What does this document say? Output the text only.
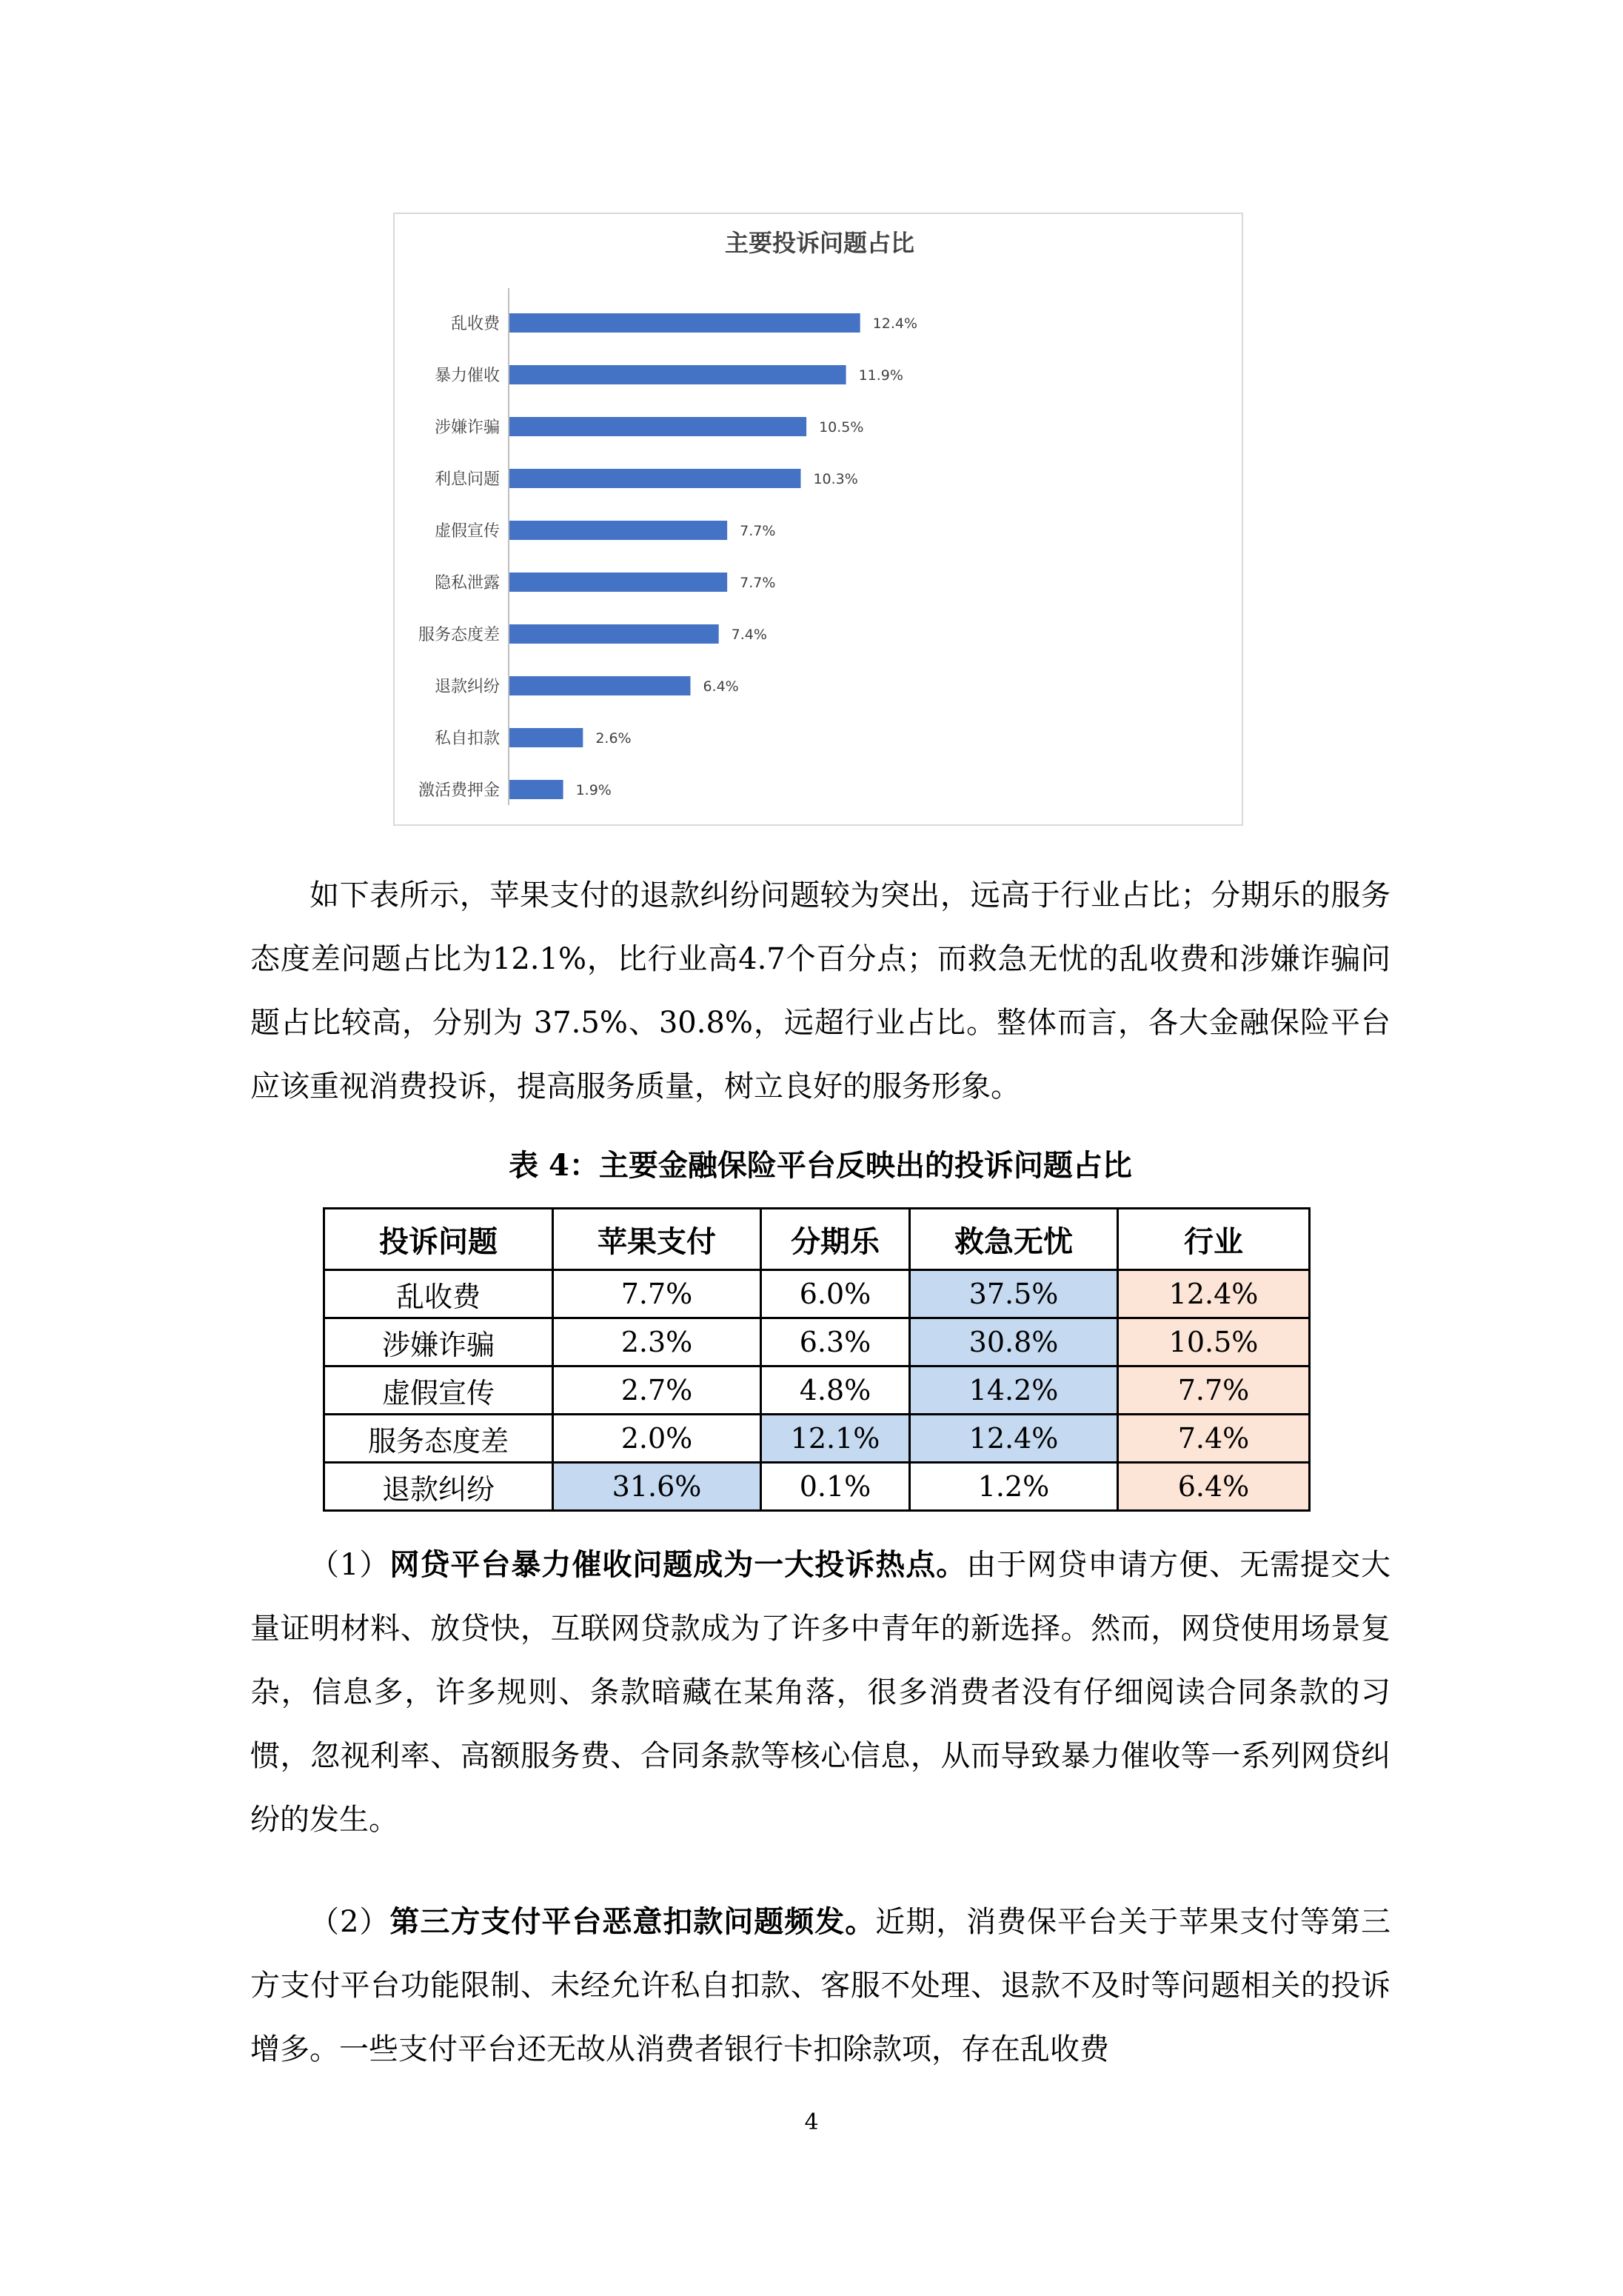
主要投诉问题占比
乱收费	12.4%
暴力催收	11.9%
涉嫌诈骗	10.5%
利息问题	10.3%
虚假宣传	7.7%
隐私泄露	7.7%
服务态度差	7.4%
退款纠纷	6.4%
私自扣款	2.6%
激活费押金	1.9%

如下表所示，苹果支付的退款纠纷问题较为突出，远高于行业占比；分期乐的服务态度差问题占比为12.1%，比行业高4.7个百分点；而救急无忧的乱收费和涉嫌诈骗问题占比较高，分别为 37.5%、30.8%，远超行业占比。整体而言，各大金融保险平台应该重视消费投诉，提高服务质量，树立良好的服务形象。

表 4：主要金融保险平台反映出的投诉问题占比

投诉问题	苹果支付	分期乐	救急无忧	行业
乱收费	7.7%	6.0%	37.5%	12.4%
涉嫌诈骗	2.3%	6.3%	30.8%	10.5%
虚假宣传	2.7%	4.8%	14.2%	7.7%
服务态度差	2.0%	12.1%	12.4%	7.4%
退款纠纷	31.6%	0.1%	1.2%	6.4%

（1）网贷平台暴力催收问题成为一大投诉热点。由于网贷申请方便、无需提交大量证明材料、放贷快，互联网贷款成为了许多中青年的新选择。然而，网贷使用场景复杂，信息多，许多规则、条款暗藏在某角落，很多消费者没有仔细阅读合同条款的习惯，忽视利率、高额服务费、合同条款等核心信息，从而导致暴力催收等一系列网贷纠纷的发生。

（2）第三方支付平台恶意扣款问题频发。近期，消费保平台关于苹果支付等第三方支付平台功能限制、未经允许私自扣款、客服不处理、退款不及时等问题相关的投诉增多。一些支付平台还无故从消费者银行卡扣除款项，存在乱收费

4
